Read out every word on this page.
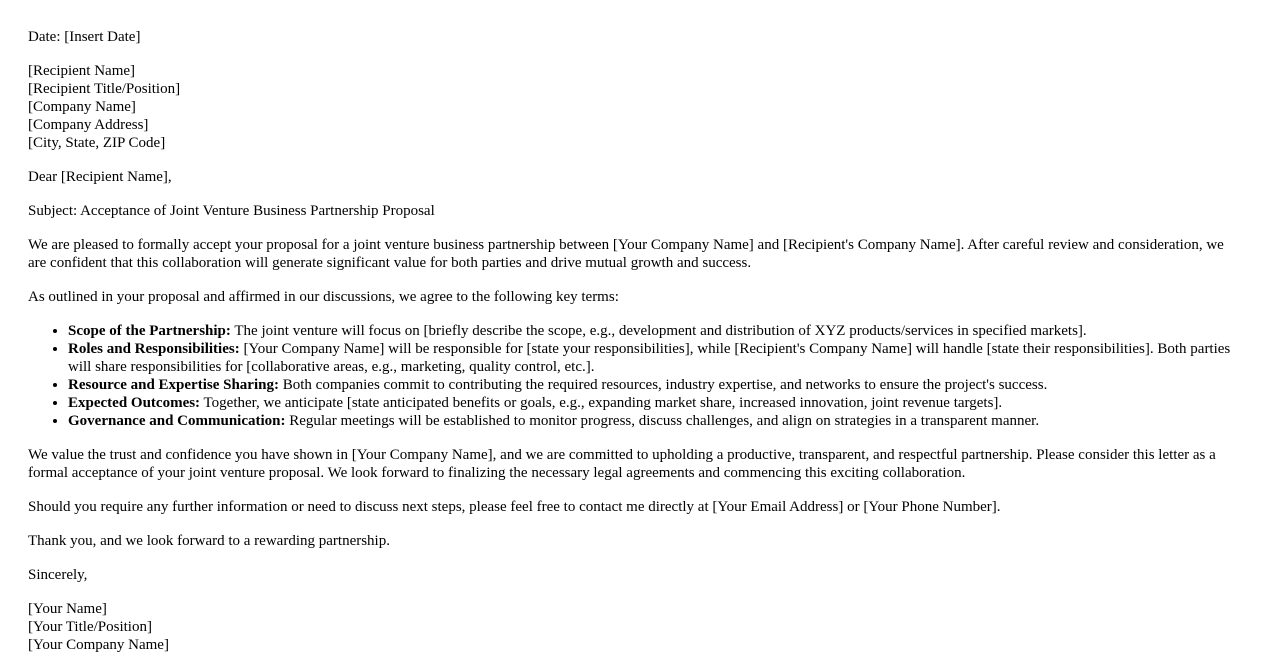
Date: [Insert Date]

[Recipient Name]
[Recipient Title/Position]
[Company Name]
[Company Address]
[City, State, ZIP Code]

Dear [Recipient Name],

Subject: Acceptance of Joint Venture Business Partnership Proposal

We are pleased to formally accept your proposal for a joint venture business partnership between [Your Company Name] and [Recipient's Company Name]. After careful review and consideration, we are confident that this collaboration will generate significant value for both parties and drive mutual growth and success.

As outlined in your proposal and affirmed in our discussions, we agree to the following key terms:

• Scope of the Partnership: The joint venture will focus on [briefly describe the scope, e.g., development and distribution of XYZ products/services in specified markets].
• Roles and Responsibilities: [Your Company Name] will be responsible for [state your responsibilities], while [Recipient's Company Name] will handle [state their responsibilities]. Both parties will share responsibilities for [collaborative areas, e.g., marketing, quality control, etc.].
• Resource and Expertise Sharing: Both companies commit to contributing the required resources, industry expertise, and networks to ensure the project's success.
• Expected Outcomes: Together, we anticipate [state anticipated benefits or goals, e.g., expanding market share, increased innovation, joint revenue targets].
• Governance and Communication: Regular meetings will be established to monitor progress, discuss challenges, and align on strategies in a transparent manner.

We value the trust and confidence you have shown in [Your Company Name], and we are committed to upholding a productive, transparent, and respectful partnership. Please consider this letter as a formal acceptance of your joint venture proposal. We look forward to finalizing the necessary legal agreements and commencing this exciting collaboration.

Should you require any further information or need to discuss next steps, please feel free to contact me directly at [Your Email Address] or [Your Phone Number].

Thank you, and we look forward to a rewarding partnership.

Sincerely,

[Your Name]
[Your Title/Position]
[Your Company Name]
